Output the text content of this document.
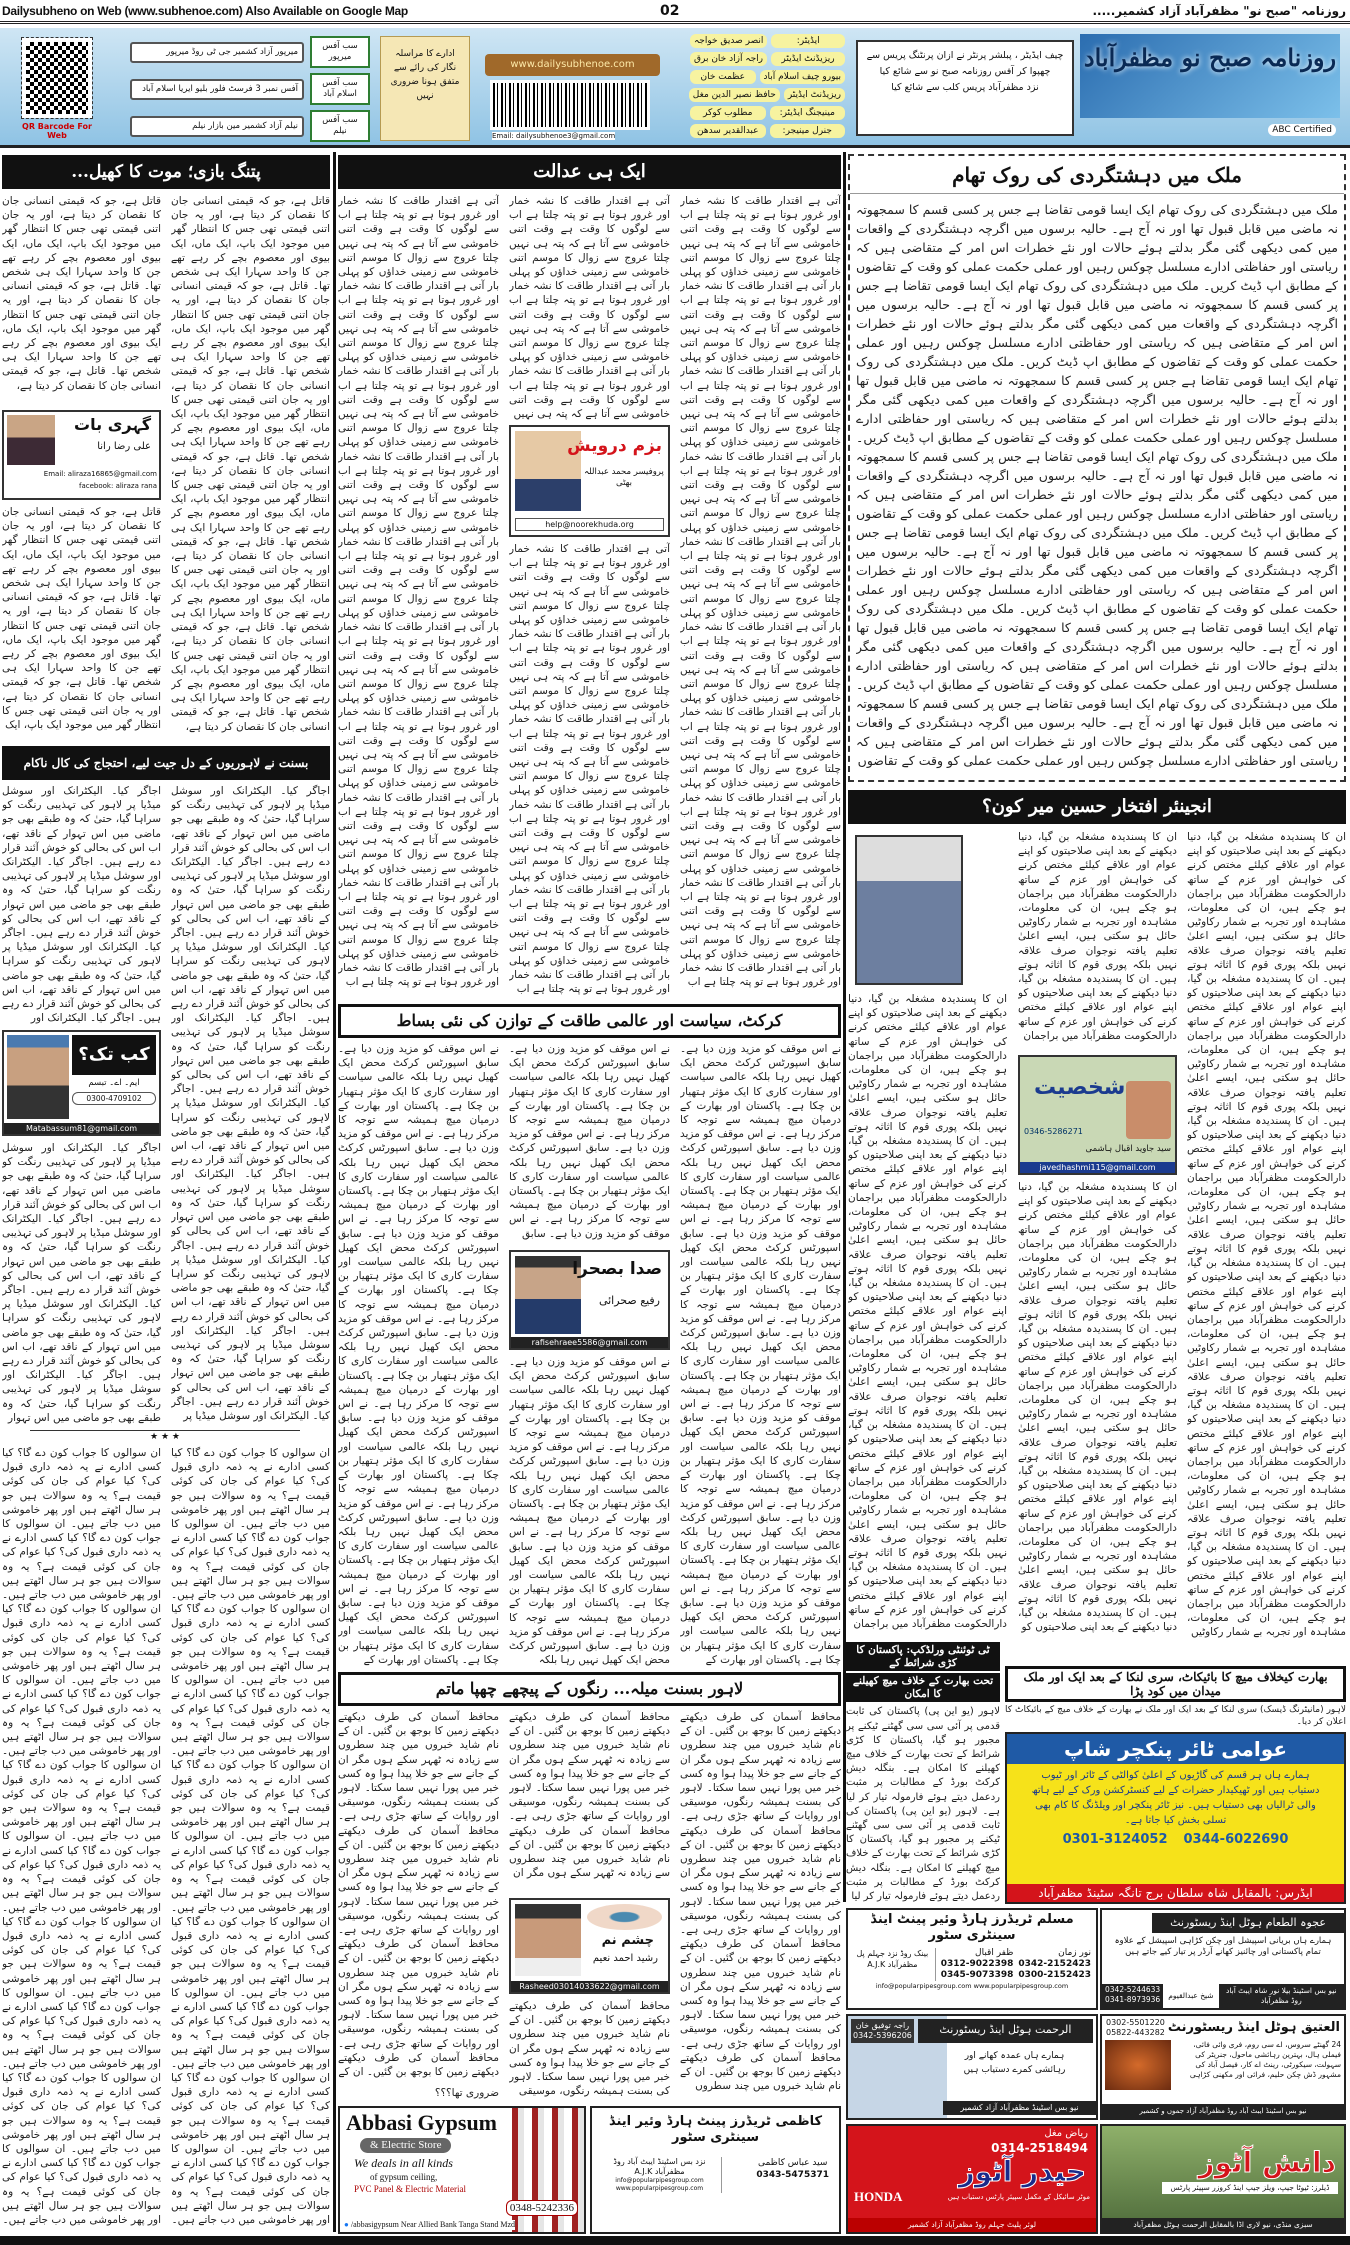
Dailysubheno on Web (www.subhenoe.com) Also Available on Google Map	02	روزنامہ "صبح نو" مظفرآباد آزاد کشمیر.....
روزنامہ صبح نو مظفرآباد
ABC Certified
چیف ایڈیٹر ، پبلشر پرنٹر نے ازان پرنٹنگ پریس سے
چھپوا کر آفس روزنامہ صبح نو سے شائع کیا
نزد مظفرآباد پریس کلب سے شائع کیا
ایڈیٹر:
انصر صدیق خواجہ
ریزیڈنٹ ایڈیٹر
راجہ آزاد خان برق
بیورو چیف اسلام آباد
عظمت خان
ریزیڈنٹ ایڈیٹر
حافظ نصیر الدین مغل
مینیجنگ ایڈیٹر:
مطلوب کوکر
جنرل مینیجر:
عبدالقدیر سدھن
www.dailysubhenoe.com
Email: dailysubhenoe3@gmail.com
ادارے کا مراسلہ نگار کی رائے سے متفق ہونا ضروری نہیں
سب آفس میرپور
میرپور آزاد کشمیر جی ٹی روڈ میرپور
سب آفس اسلام آباد
آفس نمبر 3 فرسٹ فلور بلیو ایریا اسلام آباد
سب آفس نیلم
نیلم آزاد کشمیر مین بازار نیلم
QR Barcode For Web
ملک میں دہشتگردی کی روک تھام
ملک میں دہشتگردی کی روک تھام ایک ایسا قومی تقاضا ہے جس پر کسی قسم کا سمجھوتہ نہ ماضی میں قابل قبول تھا اور نہ آج ہے۔ حالیہ برسوں میں اگرچہ دہشتگردی کے واقعات میں کمی دیکھی گئی مگر بدلتے ہوئے حالات اور نئے خطرات اس امر کے متقاضی ہیں کہ ریاستی اور حفاظتی ادارے مسلسل چوکس رہیں اور عملی حکمت عملی کو وقت کے تقاضوں کے مطابق اپ ڈیٹ کریں۔ ملک میں دہشتگردی کی روک تھام ایک ایسا قومی تقاضا ہے جس پر کسی قسم کا سمجھوتہ نہ ماضی میں قابل قبول تھا اور نہ آج ہے۔ حالیہ برسوں میں اگرچہ دہشتگردی کے واقعات میں کمی دیکھی گئی مگر بدلتے ہوئے حالات اور نئے خطرات اس امر کے متقاضی ہیں کہ ریاستی اور حفاظتی ادارے مسلسل چوکس رہیں اور عملی حکمت عملی کو وقت کے تقاضوں کے مطابق اپ ڈیٹ کریں۔ ملک میں دہشتگردی کی روک تھام ایک ایسا قومی تقاضا ہے جس پر کسی قسم کا سمجھوتہ نہ ماضی میں قابل قبول تھا اور نہ آج ہے۔ حالیہ برسوں میں اگرچہ دہشتگردی کے واقعات میں کمی دیکھی گئی مگر بدلتے ہوئے حالات اور نئے خطرات اس امر کے متقاضی ہیں کہ ریاستی اور حفاظتی ادارے مسلسل چوکس رہیں اور عملی حکمت عملی کو وقت کے تقاضوں کے مطابق اپ ڈیٹ کریں۔ ملک میں دہشتگردی کی روک تھام ایک ایسا قومی تقاضا ہے جس پر کسی قسم کا سمجھوتہ نہ ماضی میں قابل قبول تھا اور نہ آج ہے۔ حالیہ برسوں میں اگرچہ دہشتگردی کے واقعات میں کمی دیکھی گئی مگر بدلتے ہوئے حالات اور نئے خطرات اس امر کے متقاضی ہیں کہ ریاستی اور حفاظتی ادارے مسلسل چوکس رہیں اور عملی حکمت عملی کو وقت کے تقاضوں کے مطابق اپ ڈیٹ کریں۔ ملک میں دہشتگردی کی روک تھام ایک ایسا قومی تقاضا ہے جس پر کسی قسم کا سمجھوتہ نہ ماضی میں قابل قبول تھا اور نہ آج ہے۔ حالیہ برسوں میں اگرچہ دہشتگردی کے واقعات میں کمی دیکھی گئی مگر بدلتے ہوئے حالات اور نئے خطرات اس امر کے متقاضی ہیں کہ ریاستی اور حفاظتی ادارے مسلسل چوکس رہیں اور عملی حکمت عملی کو وقت کے تقاضوں کے مطابق اپ ڈیٹ کریں۔ ملک میں دہشتگردی کی روک تھام ایک ایسا قومی تقاضا ہے جس پر کسی قسم کا سمجھوتہ نہ ماضی میں قابل قبول تھا اور نہ آج ہے۔ حالیہ برسوں میں اگرچہ دہشتگردی کے واقعات میں کمی دیکھی گئی مگر بدلتے ہوئے حالات اور نئے خطرات اس امر کے متقاضی ہیں کہ ریاستی اور حفاظتی ادارے مسلسل چوکس رہیں اور عملی حکمت عملی کو وقت کے تقاضوں کے مطابق اپ ڈیٹ کریں۔ ملک میں دہشتگردی کی روک تھام ایک ایسا قومی تقاضا ہے جس پر کسی قسم کا سمجھوتہ نہ ماضی میں قابل قبول تھا اور نہ آج ہے۔ حالیہ برسوں میں اگرچہ دہشتگردی کے واقعات میں کمی دیکھی گئی مگر بدلتے ہوئے حالات اور نئے خطرات اس امر کے متقاضی ہیں کہ ریاستی اور حفاظتی ادارے مسلسل چوکس رہیں اور عملی حکمت عملی کو وقت کے تقاضوں
انجینئر افتخار حسین میر کون؟
ان کا پسندیدہ مشغلہ بن گیا، دنیا دیکھنے کے بعد اپنی صلاحیتوں کو اپنے عوام اور علاقے کیلئے مختص کرنے کی خواہش اور عزم کے ساتھ دارالحکومت مظفرآباد میں براجمان ہو چکے ہیں، ان کی معلومات، مشاہدہ اور تجربہ بے شمار رکاوٹیں حائل ہو سکتی ہیں، ایسے اعلیٰ تعلیم یافتہ نوجوان صرف علاقہ نہیں بلکہ پوری قوم کا اثاثہ ہوتے ہیں۔ ان کا پسندیدہ مشغلہ بن گیا، دنیا دیکھنے کے بعد اپنی صلاحیتوں کو اپنے عوام اور علاقے کیلئے مختص کرنے کی خواہش اور عزم کے ساتھ دارالحکومت مظفرآباد میں براجمان ہو چکے ہیں، ان کی معلومات، مشاہدہ اور تجربہ بے شمار رکاوٹیں حائل ہو سکتی ہیں، ایسے اعلیٰ تعلیم یافتہ نوجوان صرف علاقہ نہیں بلکہ پوری قوم کا اثاثہ ہوتے ہیں۔ ان کا پسندیدہ مشغلہ بن گیا، دنیا دیکھنے کے بعد اپنی صلاحیتوں کو اپنے عوام اور علاقے کیلئے مختص کرنے کی خواہش اور عزم کے ساتھ دارالحکومت مظفرآباد میں براجمان ہو چکے ہیں، ان کی معلومات، مشاہدہ اور تجربہ بے شمار رکاوٹیں حائل ہو سکتی ہیں، ایسے اعلیٰ تعلیم یافتہ نوجوان صرف علاقہ نہیں بلکہ پوری قوم کا اثاثہ ہوتے ہیں۔ ان کا پسندیدہ مشغلہ بن گیا، دنیا دیکھنے کے بعد اپنی صلاحیتوں کو اپنے عوام اور علاقے کیلئے مختص کرنے کی خواہش اور عزم کے ساتھ دارالحکومت مظفرآباد میں براجمان ہو چکے ہیں، ان کی معلومات، مشاہدہ اور تجربہ بے شمار رکاوٹیں حائل ہو سکتی ہیں، ایسے اعلیٰ تعلیم یافتہ نوجوان صرف علاقہ نہیں بلکہ پوری قوم کا اثاثہ ہوتے ہیں۔ ان کا پسندیدہ مشغلہ بن گیا، دنیا دیکھنے کے بعد اپنی صلاحیتوں کو اپنے عوام اور علاقے کیلئے مختص کرنے کی خواہش اور عزم کے ساتھ دارالحکومت مظفرآباد میں براجمان ہو چکے ہیں، ان کی معلومات، مشاہدہ اور تجربہ بے شمار رکاوٹیں حائل ہو سکتی ہیں، ایسے اعلیٰ تعلیم یافتہ نوجوان صرف علاقہ نہیں بلکہ پوری قوم کا اثاثہ ہوتے ہیں۔ ان کا پسندیدہ مشغلہ بن گیا، دنیا دیکھنے کے بعد اپنی صلاحیتوں کو اپنے عوام اور علاقے کیلئے مختص کرنے کی خواہش اور عزم کے ساتھ دارالحکومت مظفرآباد میں براجمان ہو چکے ہیں، ان کی معلومات، مشاہدہ اور تجربہ بے شمار رکاوٹیں
ان کا پسندیدہ مشغلہ بن گیا، دنیا دیکھنے کے بعد اپنی صلاحیتوں کو اپنے عوام اور علاقے کیلئے مختص کرنے کی خواہش اور عزم کے ساتھ دارالحکومت مظفرآباد میں براجمان ہو چکے ہیں، ان کی معلومات، مشاہدہ اور تجربہ بے شمار رکاوٹیں حائل ہو سکتی ہیں، ایسے اعلیٰ تعلیم یافتہ نوجوان صرف علاقہ نہیں بلکہ پوری قوم کا اثاثہ ہوتے ہیں۔ ان کا پسندیدہ مشغلہ بن گیا، دنیا دیکھنے کے بعد اپنی صلاحیتوں کو اپنے عوام اور علاقے کیلئے مختص کرنے کی خواہش اور عزم کے ساتھ دارالحکومت مظفرآباد میں براجمان
ان کا پسندیدہ مشغلہ بن گیا، دنیا دیکھنے کے بعد اپنی صلاحیتوں کو اپنے عوام اور علاقے کیلئے مختص کرنے کی خواہش اور عزم کے ساتھ دارالحکومت مظفرآباد میں براجمان ہو چکے ہیں، ان کی معلومات، مشاہدہ اور تجربہ بے شمار رکاوٹیں حائل ہو سکتی ہیں، ایسے اعلیٰ تعلیم یافتہ نوجوان صرف علاقہ نہیں بلکہ پوری قوم کا اثاثہ ہوتے ہیں۔ ان کا پسندیدہ مشغلہ بن گیا، دنیا دیکھنے کے بعد اپنی صلاحیتوں کو اپنے عوام اور علاقے کیلئے مختص کرنے کی خواہش اور عزم کے ساتھ دارالحکومت مظفرآباد میں براجمان ہو چکے ہیں، ان کی معلومات، مشاہدہ اور تجربہ بے شمار رکاوٹیں حائل ہو سکتی ہیں، ایسے اعلیٰ تعلیم یافتہ نوجوان صرف علاقہ نہیں بلکہ پوری قوم کا اثاثہ ہوتے ہیں۔ ان کا پسندیدہ مشغلہ بن گیا، دنیا دیکھنے کے بعد اپنی صلاحیتوں کو اپنے عوام اور علاقے کیلئے مختص کرنے کی خواہش اور عزم کے ساتھ دارالحکومت مظفرآباد میں براجمان ہو چکے ہیں، ان کی معلومات، مشاہدہ اور تجربہ بے شمار رکاوٹیں حائل ہو سکتی ہیں، ایسے اعلیٰ تعلیم یافتہ نوجوان صرف علاقہ نہیں بلکہ پوری قوم کا اثاثہ ہوتے ہیں۔ ان کا پسندیدہ مشغلہ بن گیا، دنیا دیکھنے کے بعد اپنی صلاحیتوں کو
ان کا پسندیدہ مشغلہ بن گیا، دنیا دیکھنے کے بعد اپنی صلاحیتوں کو اپنے عوام اور علاقے کیلئے مختص کرنے کی خواہش اور عزم کے ساتھ دارالحکومت مظفرآباد میں براجمان ہو چکے ہیں، ان کی معلومات، مشاہدہ اور تجربہ بے شمار رکاوٹیں حائل ہو سکتی ہیں، ایسے اعلیٰ تعلیم یافتہ نوجوان صرف علاقہ نہیں بلکہ پوری قوم کا اثاثہ ہوتے ہیں۔ ان کا پسندیدہ مشغلہ بن گیا، دنیا دیکھنے کے بعد اپنی صلاحیتوں کو اپنے عوام اور علاقے کیلئے مختص کرنے کی خواہش اور عزم کے ساتھ دارالحکومت مظفرآباد میں براجمان ہو چکے ہیں، ان کی معلومات، مشاہدہ اور تجربہ بے شمار رکاوٹیں حائل ہو سکتی ہیں، ایسے اعلیٰ تعلیم یافتہ نوجوان صرف علاقہ نہیں بلکہ پوری قوم کا اثاثہ ہوتے ہیں۔ ان کا پسندیدہ مشغلہ بن گیا، دنیا دیکھنے کے بعد اپنی صلاحیتوں کو اپنے عوام اور علاقے کیلئے مختص کرنے کی خواہش اور عزم کے ساتھ دارالحکومت مظفرآباد میں براجمان ہو چکے ہیں، ان کی معلومات، مشاہدہ اور تجربہ بے شمار رکاوٹیں حائل ہو سکتی ہیں، ایسے اعلیٰ تعلیم یافتہ نوجوان صرف علاقہ نہیں بلکہ پوری قوم کا اثاثہ ہوتے ہیں۔ ان کا پسندیدہ مشغلہ بن گیا، دنیا دیکھنے کے بعد اپنی صلاحیتوں کو اپنے عوام اور علاقے کیلئے مختص کرنے کی خواہش اور عزم کے ساتھ دارالحکومت مظفرآباد میں براجمان ہو چکے ہیں، ان کی معلومات، مشاہدہ اور تجربہ بے شمار رکاوٹیں حائل ہو سکتی ہیں، ایسے اعلیٰ تعلیم یافتہ نوجوان صرف علاقہ نہیں بلکہ پوری قوم کا اثاثہ ہوتے ہیں۔ ان کا پسندیدہ مشغلہ بن گیا، دنیا دیکھنے کے بعد اپنی صلاحیتوں کو اپنے عوام اور علاقے کیلئے مختص کرنے کی خواہش اور عزم کے ساتھ دارالحکومت مظفرآباد میں براجمان
شخصیت
سید جاوید اقبال ہاشمی
0346-5286271
javedhashmi115@gmail.com
ٹی ٹوئنٹی ورلڈکپ: پاکستان کا کڑی شرائط کے
تحت بھارت کے خلاف میچ کھیلنے کا امکان
لاہور (یو این پی) پاکستان کی ثابت قدمی پر آئی سی سی گھٹنے ٹیکنے پر مجبور ہو گیا، پاکستان کا کڑی شرائط کے تحت بھارت کے خلاف میچ کھیلنے کا امکان ہے۔ بنگلہ دیش کرکٹ بورڈ کے مطالبات پر مثبت ردعمل دیتے ہوئے فارمولہ تیار کر لیا ہے۔ لاہور (یو این پی) پاکستان کی ثابت قدمی پر آئی سی سی گھٹنے ٹیکنے پر مجبور ہو گیا، پاکستان کا کڑی شرائط کے تحت بھارت کے خلاف میچ کھیلنے کا امکان ہے۔ بنگلہ دیش کرکٹ بورڈ کے مطالبات پر مثبت ردعمل دیتے ہوئے فارمولہ تیار کر لیا
بھارت کیخلاف میچ کا بائیکاٹ، سری لنکا کے بعد ایک اور ملک میدان میں کود پڑا
لاہور (مانیٹرنگ ڈیسک) سری لنکا کے بعد ایک اور ملک نے بھارت کے خلاف میچ کے بائیکاٹ کا اعلان کر دیا۔
عوامی ٹائر پنکچر شاپ
ہمارے ہاں ہر قسم کی گاڑیوں کے اعلیٰ کوالٹی کے ٹائر اور ٹیوب دستیاب ہیں اور ٹھیکیدار حضرات کے لیے کنسٹرکشن ورک کے لیے ہاتھ والی ٹرالیاں بھی دستیاب ہیں۔ نیز ٹائر پنکچر اور ویلڈنگ کا کام بھی تسلی بخش کیا جاتا ہے۔
0301-3124052 0344-6022690
ایڈرس: بالمقابل شاہ سلطان برج تانگہ سٹینڈ مظفرآباد
مسلم ٹریڈرز ہارڈ وئیر پینٹ اینڈ سینٹری سٹور
نور زمان
0342-2152423
0300-2152423
ظفر اقبال
0312-9022398
0345-9073398
بینک روڈ نزد جہلم پل مظفرآباد A.J.K
info@popularpipesgroup.com www.popularpipesgroup.com
عجوہ الطعام ہوٹل اینڈ ریسٹورنٹ
ہمارے ہاں بریانی اسپیشل اور چکن کڑاہی اسپیشل کے علاوہ تمام پاکستانی اور چائنیز کھانے آرڈر پر تیار کیے جاتے ہیں
نیو بس اسٹینڈ بیلا نور شاہ ایبٹ آباد روڈ مظفرآباد
شیخ عبدالقیوم
0342-5244633
0341-8973936
الرحمت ہوٹل اینڈ ریسٹورنٹ
راجہ توفیق خان
0342-5396206
ہمارے ہاں عمدہ کھانے اور رہائشی کمرے دستیاب ہیں
نیو بس اسٹینڈ مظفرآباد آزاد کشمیر
العتیق ہوٹل اینڈ ریسٹورنٹ
0302-5501220
05822-443282
24 گھنٹے سروس، اے سی روم، فری وائی فائی، فیملی ہال، بہترین رہائشی ماحول، جنریٹر کی سہولت، سیکورٹی، رینٹ اے کار، فیصل آباد کی مشہور ڈش چکن حلیم، فرائی اور مکھنی کڑاہی
نیو بس اسٹینڈ ایبٹ آباد روڈ مظفرآباد آزاد جموں و کشمیر
ریاض مغل
0314-2518494
حیدر آٹوز
موٹر سائیکل کے مکمل سپیئر پارٹس دستیاب ہیں
HONDA
لوئر پلیٹ جہلم روڈ مظفرآباد آزاد کشمیر
دانش آٹوز
ڈیلرز: ٹیوٹا جیپ، ویلز جیپ اینڈ کروزر سپیئر پارٹس
سبزی منڈی، نیو لاری اڈا بالمقابل الرحمت ہوٹل مظفرآباد
ایک ہی عدالت
آتی ہے اقتدار طاقت کا نشہ خمار اور غرور ہوتا ہے تو پتہ چلتا ہے اب سے لوگوں کا وقت ہے وقت اتنی خاموشی سے آتا ہے کہ پتہ ہی نہیں چلتا عروج سے زوال کا موسم اتنی خاموشی سے زمینی خداؤں کو پہلی بار آتی ہے اقتدار طاقت کا نشہ خمار اور غرور ہوتا ہے تو پتہ چلتا ہے اب سے لوگوں کا وقت ہے وقت اتنی خاموشی سے آتا ہے کہ پتہ ہی نہیں چلتا عروج سے زوال کا موسم اتنی خاموشی سے زمینی خداؤں کو پہلی بار آتی ہے اقتدار طاقت کا نشہ خمار اور غرور ہوتا ہے تو پتہ چلتا ہے اب سے لوگوں کا وقت ہے وقت اتنی خاموشی سے آتا ہے کہ پتہ ہی نہیں چلتا عروج سے زوال کا موسم اتنی خاموشی سے زمینی خداؤں کو پہلی بار آتی ہے اقتدار طاقت کا نشہ خمار اور غرور ہوتا ہے تو پتہ چلتا ہے اب سے لوگوں کا وقت ہے وقت اتنی خاموشی سے آتا ہے کہ پتہ ہی نہیں چلتا عروج سے زوال کا موسم اتنی خاموشی سے زمینی خداؤں کو پہلی بار آتی ہے اقتدار طاقت کا نشہ خمار اور غرور ہوتا ہے تو پتہ چلتا ہے اب سے لوگوں کا وقت ہے وقت اتنی خاموشی سے آتا ہے کہ پتہ ہی نہیں چلتا عروج سے زوال کا موسم اتنی خاموشی سے زمینی خداؤں کو پہلی بار آتی ہے اقتدار طاقت کا نشہ خمار اور غرور ہوتا ہے تو پتہ چلتا ہے اب سے لوگوں کا وقت ہے وقت اتنی خاموشی سے آتا ہے کہ پتہ ہی نہیں چلتا عروج سے زوال کا موسم اتنی خاموشی سے زمینی خداؤں کو پہلی بار آتی ہے اقتدار طاقت کا نشہ خمار اور غرور ہوتا ہے تو پتہ چلتا ہے اب سے لوگوں کا وقت ہے وقت اتنی خاموشی سے آتا ہے کہ پتہ ہی نہیں چلتا عروج سے زوال کا موسم اتنی خاموشی سے زمینی خداؤں کو پہلی بار آتی ہے اقتدار طاقت کا نشہ خمار اور غرور ہوتا ہے تو پتہ چلتا ہے اب سے لوگوں کا وقت ہے وقت اتنی خاموشی سے آتا ہے کہ پتہ ہی نہیں چلتا عروج سے زوال کا موسم اتنی خاموشی سے زمینی خداؤں کو پہلی بار آتی ہے اقتدار طاقت کا نشہ خمار اور غرور ہوتا ہے تو پتہ چلتا ہے اب سے لوگوں کا وقت ہے وقت اتنی خاموشی سے آتا ہے کہ پتہ ہی نہیں چلتا عروج سے زوال کا موسم اتنی خاموشی سے زمینی خداؤں کو پہلی بار آتی ہے اقتدار طاقت کا نشہ خمار اور غرور ہوتا ہے تو پتہ چلتا ہے اب
آتی ہے اقتدار طاقت کا نشہ خمار اور غرور ہوتا ہے تو پتہ چلتا ہے اب سے لوگوں کا وقت ہے وقت اتنی خاموشی سے آتا ہے کہ پتہ ہی نہیں چلتا عروج سے زوال کا موسم اتنی خاموشی سے زمینی خداؤں کو پہلی بار آتی ہے اقتدار طاقت کا نشہ خمار اور غرور ہوتا ہے تو پتہ چلتا ہے اب سے لوگوں کا وقت ہے وقت اتنی خاموشی سے آتا ہے کہ پتہ ہی نہیں چلتا عروج سے زوال کا موسم اتنی خاموشی سے زمینی خداؤں کو پہلی بار آتی ہے اقتدار طاقت کا نشہ خمار اور غرور ہوتا ہے تو پتہ چلتا ہے اب سے لوگوں کا وقت ہے وقت اتنی خاموشی سے آتا ہے کہ پتہ ہی نہیں
آتی ہے اقتدار طاقت کا نشہ خمار اور غرور ہوتا ہے تو پتہ چلتا ہے اب سے لوگوں کا وقت ہے وقت اتنی خاموشی سے آتا ہے کہ پتہ ہی نہیں چلتا عروج سے زوال کا موسم اتنی خاموشی سے زمینی خداؤں کو پہلی بار آتی ہے اقتدار طاقت کا نشہ خمار اور غرور ہوتا ہے تو پتہ چلتا ہے اب سے لوگوں کا وقت ہے وقت اتنی خاموشی سے آتا ہے کہ پتہ ہی نہیں چلتا عروج سے زوال کا موسم اتنی خاموشی سے زمینی خداؤں کو پہلی بار آتی ہے اقتدار طاقت کا نشہ خمار اور غرور ہوتا ہے تو پتہ چلتا ہے اب سے لوگوں کا وقت ہے وقت اتنی خاموشی سے آتا ہے کہ پتہ ہی نہیں چلتا عروج سے زوال کا موسم اتنی خاموشی سے زمینی خداؤں کو پہلی بار آتی ہے اقتدار طاقت کا نشہ خمار اور غرور ہوتا ہے تو پتہ چلتا ہے اب سے لوگوں کا وقت ہے وقت اتنی خاموشی سے آتا ہے کہ پتہ ہی نہیں چلتا عروج سے زوال کا موسم اتنی خاموشی سے زمینی خداؤں کو پہلی بار آتی ہے اقتدار طاقت کا نشہ خمار اور غرور ہوتا ہے تو پتہ چلتا ہے اب سے لوگوں کا وقت ہے وقت اتنی خاموشی سے آتا ہے کہ پتہ ہی نہیں چلتا عروج سے زوال کا موسم اتنی خاموشی سے زمینی خداؤں کو پہلی بار آتی ہے اقتدار طاقت کا نشہ خمار اور غرور ہوتا ہے تو پتہ چلتا ہے اب
آتی ہے اقتدار طاقت کا نشہ خمار اور غرور ہوتا ہے تو پتہ چلتا ہے اب سے لوگوں کا وقت ہے وقت اتنی خاموشی سے آتا ہے کہ پتہ ہی نہیں چلتا عروج سے زوال کا موسم اتنی خاموشی سے زمینی خداؤں کو پہلی بار آتی ہے اقتدار طاقت کا نشہ خمار اور غرور ہوتا ہے تو پتہ چلتا ہے اب سے لوگوں کا وقت ہے وقت اتنی خاموشی سے آتا ہے کہ پتہ ہی نہیں چلتا عروج سے زوال کا موسم اتنی خاموشی سے زمینی خداؤں کو پہلی بار آتی ہے اقتدار طاقت کا نشہ خمار اور غرور ہوتا ہے تو پتہ چلتا ہے اب سے لوگوں کا وقت ہے وقت اتنی خاموشی سے آتا ہے کہ پتہ ہی نہیں چلتا عروج سے زوال کا موسم اتنی خاموشی سے زمینی خداؤں کو پہلی بار آتی ہے اقتدار طاقت کا نشہ خمار اور غرور ہوتا ہے تو پتہ چلتا ہے اب سے لوگوں کا وقت ہے وقت اتنی خاموشی سے آتا ہے کہ پتہ ہی نہیں چلتا عروج سے زوال کا موسم اتنی خاموشی سے زمینی خداؤں کو پہلی بار آتی ہے اقتدار طاقت کا نشہ خمار اور غرور ہوتا ہے تو پتہ چلتا ہے اب سے لوگوں کا وقت ہے وقت اتنی خاموشی سے آتا ہے کہ پتہ ہی نہیں چلتا عروج سے زوال کا موسم اتنی خاموشی سے زمینی خداؤں کو پہلی بار آتی ہے اقتدار طاقت کا نشہ خمار اور غرور ہوتا ہے تو پتہ چلتا ہے اب سے لوگوں کا وقت ہے وقت اتنی خاموشی سے آتا ہے کہ پتہ ہی نہیں چلتا عروج سے زوال کا موسم اتنی خاموشی سے زمینی خداؤں کو پہلی بار آتی ہے اقتدار طاقت کا نشہ خمار اور غرور ہوتا ہے تو پتہ چلتا ہے اب سے لوگوں کا وقت ہے وقت اتنی خاموشی سے آتا ہے کہ پتہ ہی نہیں چلتا عروج سے زوال کا موسم اتنی خاموشی سے زمینی خداؤں کو پہلی بار آتی ہے اقتدار طاقت کا نشہ خمار اور غرور ہوتا ہے تو پتہ چلتا ہے اب سے لوگوں کا وقت ہے وقت اتنی خاموشی سے آتا ہے کہ پتہ ہی نہیں چلتا عروج سے زوال کا موسم اتنی خاموشی سے زمینی خداؤں کو پہلی بار آتی ہے اقتدار طاقت کا نشہ خمار اور غرور ہوتا ہے تو پتہ چلتا ہے اب سے لوگوں کا وقت ہے وقت اتنی خاموشی سے آتا ہے کہ پتہ ہی نہیں چلتا عروج سے زوال کا موسم اتنی خاموشی سے زمینی خداؤں کو پہلی بار آتی ہے اقتدار طاقت کا نشہ خمار اور غرور ہوتا ہے تو پتہ چلتا ہے اب
بزم درویش
پروفیسر محمد عبداللہ بھٹی
help@noorekhuda.org
کرکٹ، سیاست اور عالمی طاقت کے توازن کی نئی بساط
نے اس موقف کو مزید وزن دیا ہے۔ سابق اسپورٹس کرکٹ محض ایک کھیل نہیں رہا بلکہ عالمی سیاست اور سفارت کاری کا ایک مؤثر ہتھیار بن چکا ہے۔ پاکستان اور بھارت کے درمیان میچ ہمیشہ سے توجہ کا مرکز رہا ہے۔ نے اس موقف کو مزید وزن دیا ہے۔ سابق اسپورٹس کرکٹ محض ایک کھیل نہیں رہا بلکہ عالمی سیاست اور سفارت کاری کا ایک مؤثر ہتھیار بن چکا ہے۔ پاکستان اور بھارت کے درمیان میچ ہمیشہ سے توجہ کا مرکز رہا ہے۔ نے اس موقف کو مزید وزن دیا ہے۔ سابق اسپورٹس کرکٹ محض ایک کھیل نہیں رہا بلکہ عالمی سیاست اور سفارت کاری کا ایک مؤثر ہتھیار بن چکا ہے۔ پاکستان اور بھارت کے درمیان میچ ہمیشہ سے توجہ کا مرکز رہا ہے۔ نے اس موقف کو مزید وزن دیا ہے۔ سابق اسپورٹس کرکٹ محض ایک کھیل نہیں رہا بلکہ عالمی سیاست اور سفارت کاری کا ایک مؤثر ہتھیار بن چکا ہے۔ پاکستان اور بھارت کے درمیان میچ ہمیشہ سے توجہ کا مرکز رہا ہے۔ نے اس موقف کو مزید وزن دیا ہے۔ سابق اسپورٹس کرکٹ محض ایک کھیل نہیں رہا بلکہ عالمی سیاست اور سفارت کاری کا ایک مؤثر ہتھیار بن چکا ہے۔ پاکستان اور بھارت کے درمیان میچ ہمیشہ سے توجہ کا مرکز رہا ہے۔ نے اس موقف کو مزید وزن دیا ہے۔ سابق اسپورٹس کرکٹ محض ایک کھیل نہیں رہا بلکہ عالمی سیاست اور سفارت کاری کا ایک مؤثر ہتھیار بن چکا ہے۔ پاکستان اور بھارت کے درمیان میچ ہمیشہ سے توجہ کا مرکز رہا ہے۔ نے اس موقف کو مزید وزن دیا ہے۔ سابق اسپورٹس کرکٹ محض ایک کھیل نہیں رہا بلکہ عالمی سیاست اور سفارت کاری کا ایک مؤثر ہتھیار بن چکا ہے۔ پاکستان اور بھارت کے
نے اس موقف کو مزید وزن دیا ہے۔ سابق اسپورٹس کرکٹ محض ایک کھیل نہیں رہا بلکہ عالمی سیاست اور سفارت کاری کا ایک مؤثر ہتھیار بن چکا ہے۔ پاکستان اور بھارت کے درمیان میچ ہمیشہ سے توجہ کا مرکز رہا ہے۔ نے اس موقف کو مزید وزن دیا ہے۔ سابق اسپورٹس کرکٹ محض ایک کھیل نہیں رہا بلکہ عالمی سیاست اور سفارت کاری کا ایک مؤثر ہتھیار بن چکا ہے۔ پاکستان اور بھارت کے درمیان میچ ہمیشہ سے توجہ کا مرکز رہا ہے۔ نے اس موقف کو مزید وزن دیا ہے۔ سابق
نے اس موقف کو مزید وزن دیا ہے۔ سابق اسپورٹس کرکٹ محض ایک کھیل نہیں رہا بلکہ عالمی سیاست اور سفارت کاری کا ایک مؤثر ہتھیار بن چکا ہے۔ پاکستان اور بھارت کے درمیان میچ ہمیشہ سے توجہ کا مرکز رہا ہے۔ نے اس موقف کو مزید وزن دیا ہے۔ سابق اسپورٹس کرکٹ محض ایک کھیل نہیں رہا بلکہ عالمی سیاست اور سفارت کاری کا ایک مؤثر ہتھیار بن چکا ہے۔ پاکستان اور بھارت کے درمیان میچ ہمیشہ سے توجہ کا مرکز رہا ہے۔ نے اس موقف کو مزید وزن دیا ہے۔ سابق اسپورٹس کرکٹ محض ایک کھیل نہیں رہا بلکہ عالمی سیاست اور سفارت کاری کا ایک مؤثر ہتھیار بن چکا ہے۔ پاکستان اور بھارت کے درمیان میچ ہمیشہ سے توجہ کا مرکز رہا ہے۔ نے اس موقف کو مزید وزن دیا ہے۔ سابق اسپورٹس کرکٹ محض ایک کھیل نہیں رہا بلکہ
نے اس موقف کو مزید وزن دیا ہے۔ سابق اسپورٹس کرکٹ محض ایک کھیل نہیں رہا بلکہ عالمی سیاست اور سفارت کاری کا ایک مؤثر ہتھیار بن چکا ہے۔ پاکستان اور بھارت کے درمیان میچ ہمیشہ سے توجہ کا مرکز رہا ہے۔ نے اس موقف کو مزید وزن دیا ہے۔ سابق اسپورٹس کرکٹ محض ایک کھیل نہیں رہا بلکہ عالمی سیاست اور سفارت کاری کا ایک مؤثر ہتھیار بن چکا ہے۔ پاکستان اور بھارت کے درمیان میچ ہمیشہ سے توجہ کا مرکز رہا ہے۔ نے اس موقف کو مزید وزن دیا ہے۔ سابق اسپورٹس کرکٹ محض ایک کھیل نہیں رہا بلکہ عالمی سیاست اور سفارت کاری کا ایک مؤثر ہتھیار بن چکا ہے۔ پاکستان اور بھارت کے درمیان میچ ہمیشہ سے توجہ کا مرکز رہا ہے۔ نے اس موقف کو مزید وزن دیا ہے۔ سابق اسپورٹس کرکٹ محض ایک کھیل نہیں رہا بلکہ عالمی سیاست اور سفارت کاری کا ایک مؤثر ہتھیار بن چکا ہے۔ پاکستان اور بھارت کے درمیان میچ ہمیشہ سے توجہ کا مرکز رہا ہے۔ نے اس موقف کو مزید وزن دیا ہے۔ سابق اسپورٹس کرکٹ محض ایک کھیل نہیں رہا بلکہ عالمی سیاست اور سفارت کاری کا ایک مؤثر ہتھیار بن چکا ہے۔ پاکستان اور بھارت کے درمیان میچ ہمیشہ سے توجہ کا مرکز رہا ہے۔ نے اس موقف کو مزید وزن دیا ہے۔ سابق اسپورٹس کرکٹ محض ایک کھیل نہیں رہا بلکہ عالمی سیاست اور سفارت کاری کا ایک مؤثر ہتھیار بن چکا ہے۔ پاکستان اور بھارت کے درمیان میچ ہمیشہ سے توجہ کا مرکز رہا ہے۔ نے اس موقف کو مزید وزن دیا ہے۔ سابق اسپورٹس کرکٹ محض ایک کھیل نہیں رہا بلکہ عالمی سیاست اور سفارت کاری کا ایک مؤثر ہتھیار بن چکا ہے۔ پاکستان اور بھارت کے
صدا بصحرا
رفیع صحرائی
rafisehraee5586@gmail.com
لاہور بسنت میلہ... رنگوں کے پیچھے چھپا ماتم
محافظ آسمان کی طرف دیکھتے دیکھتے زمین کا بوجھ بن گئیں۔ ان کے نام شاید خبروں میں چند سطروں سے زیادہ نہ ٹھہر سکے ہوں مگر ان کے جانے سے جو خلا پیدا ہوا وہ کسی خبر میں پورا نہیں سما سکتا۔ لاہور کی بسنت ہمیشہ رنگوں، موسیقی اور روایات کے ساتھ جڑی رہی ہے۔ محافظ آسمان کی طرف دیکھتے دیکھتے زمین کا بوجھ بن گئیں۔ ان کے نام شاید خبروں میں چند سطروں سے زیادہ نہ ٹھہر سکے ہوں مگر ان کے جانے سے جو خلا پیدا ہوا وہ کسی خبر میں پورا نہیں سما سکتا۔ لاہور کی بسنت ہمیشہ رنگوں، موسیقی اور روایات کے ساتھ جڑی رہی ہے۔ محافظ آسمان کی طرف دیکھتے دیکھتے زمین کا بوجھ بن گئیں۔ ان کے نام شاید خبروں میں چند سطروں سے زیادہ نہ ٹھہر سکے ہوں مگر ان کے جانے سے جو خلا پیدا ہوا وہ کسی خبر میں پورا نہیں سما سکتا۔ لاہور کی بسنت ہمیشہ رنگوں، موسیقی اور روایات کے ساتھ جڑی رہی ہے۔ محافظ آسمان کی طرف دیکھتے دیکھتے زمین کا بوجھ بن گئیں۔ ان کے نام شاید خبروں میں چند سطروں
محافظ آسمان کی طرف دیکھتے دیکھتے زمین کا بوجھ بن گئیں۔ ان کے نام شاید خبروں میں چند سطروں سے زیادہ نہ ٹھہر سکے ہوں مگر ان کے جانے سے جو خلا پیدا ہوا وہ کسی خبر میں پورا نہیں سما سکتا۔ لاہور کی بسنت ہمیشہ رنگوں، موسیقی اور روایات کے ساتھ جڑی رہی ہے۔ محافظ آسمان کی طرف دیکھتے دیکھتے زمین کا بوجھ بن گئیں۔ ان کے نام شاید خبروں میں چند سطروں سے زیادہ نہ ٹھہر سکے ہوں مگر ان
محافظ آسمان کی طرف دیکھتے دیکھتے زمین کا بوجھ بن گئیں۔ ان کے نام شاید خبروں میں چند سطروں سے زیادہ نہ ٹھہر سکے ہوں مگر ان کے جانے سے جو خلا پیدا ہوا وہ کسی خبر میں پورا نہیں سما سکتا۔ لاہور کی بسنت ہمیشہ رنگوں، موسیقی
محافظ آسمان کی طرف دیکھتے دیکھتے زمین کا بوجھ بن گئیں۔ ان کے نام شاید خبروں میں چند سطروں سے زیادہ نہ ٹھہر سکے ہوں مگر ان کے جانے سے جو خلا پیدا ہوا وہ کسی خبر میں پورا نہیں سما سکتا۔ لاہور کی بسنت ہمیشہ رنگوں، موسیقی اور روایات کے ساتھ جڑی رہی ہے۔ محافظ آسمان کی طرف دیکھتے دیکھتے زمین کا بوجھ بن گئیں۔ ان کے نام شاید خبروں میں چند سطروں سے زیادہ نہ ٹھہر سکے ہوں مگر ان کے جانے سے جو خلا پیدا ہوا وہ کسی خبر میں پورا نہیں سما سکتا۔ لاہور کی بسنت ہمیشہ رنگوں، موسیقی اور روایات کے ساتھ جڑی رہی ہے۔ محافظ آسمان کی طرف دیکھتے دیکھتے زمین کا بوجھ بن گئیں۔ ان کے نام شاید خبروں میں چند سطروں سے زیادہ نہ ٹھہر سکے ہوں مگر ان کے جانے سے جو خلا پیدا ہوا وہ کسی خبر میں پورا نہیں سما سکتا۔ لاہور کی بسنت ہمیشہ رنگوں، موسیقی اور روایات کے ساتھ جڑی رہی ہے۔ محافظ آسمان کی طرف دیکھتے دیکھتے زمین کا بوجھ بن گئیں۔ ان کے
ضروری تھا؟؟؟
چشم نم
رشید احمد نعیم
Rasheed03014033622@gmail.com
Abbasi Gypsum
& Electric Store
We deals in all kinds
of gypsum ceiling,
PVC Panel & Electric Material
0348-5242336
● /abbasigypsum Near Allied Bank Tanga Stand Mzd
کاظمی ٹریڈرز پینٹ ہارڈ وئیر اینڈ سینٹری سٹور
سید عباس کاظمی
0343-5475371
نزد بس اسٹینڈ ایبٹ آباد روڈ مظفرآباد A.J.K
info@popularpipesgroup.com www.popularpipesgroup.com
پتنگ بازی؛ موت کا کھیل...
قاتل ہے، جو کہ قیمتی انسانی جان کا نقصان کر دیتا ہے، اور یہ جان اتنی قیمتی تھی جس کا انتظار گھر میں موجود ایک باپ، ایک ماں، ایک بیوی اور معصوم بچے کر رہے تھے جن کا واحد سہارا ایک ہی شخص تھا۔ قاتل ہے، جو کہ قیمتی انسانی جان کا نقصان کر دیتا ہے، اور یہ جان اتنی قیمتی تھی جس کا انتظار گھر میں موجود ایک باپ، ایک ماں، ایک بیوی اور معصوم بچے کر رہے تھے جن کا واحد سہارا ایک ہی شخص تھا۔ قاتل ہے، جو کہ قیمتی انسانی جان کا نقصان کر دیتا ہے، اور یہ جان اتنی قیمتی تھی جس کا انتظار گھر میں موجود ایک باپ، ایک ماں، ایک بیوی اور معصوم بچے کر رہے تھے جن کا واحد سہارا ایک ہی شخص تھا۔ قاتل ہے، جو کہ قیمتی انسانی جان کا نقصان کر دیتا ہے، اور یہ جان اتنی قیمتی تھی جس کا انتظار گھر میں موجود ایک باپ، ایک ماں، ایک بیوی اور معصوم بچے کر رہے تھے جن کا واحد سہارا ایک ہی شخص تھا۔ قاتل ہے، جو کہ قیمتی انسانی جان کا نقصان کر دیتا ہے، اور یہ جان اتنی قیمتی تھی جس کا انتظار گھر میں موجود ایک باپ، ایک ماں، ایک بیوی اور معصوم بچے کر رہے تھے جن کا واحد سہارا ایک ہی شخص تھا۔ قاتل ہے، جو کہ قیمتی انسانی جان کا نقصان کر دیتا ہے، اور یہ جان اتنی قیمتی تھی جس کا انتظار گھر میں موجود ایک باپ، ایک ماں، ایک بیوی اور معصوم بچے کر رہے تھے جن کا واحد سہارا ایک ہی شخص تھا۔ قاتل ہے، جو کہ قیمتی انسانی جان کا نقصان کر دیتا ہے،
قاتل ہے، جو کہ قیمتی انسانی جان کا نقصان کر دیتا ہے، اور یہ جان اتنی قیمتی تھی جس کا انتظار گھر میں موجود ایک باپ، ایک ماں، ایک بیوی اور معصوم بچے کر رہے تھے جن کا واحد سہارا ایک ہی شخص تھا۔ قاتل ہے، جو کہ قیمتی انسانی جان کا نقصان کر دیتا ہے، اور یہ جان اتنی قیمتی تھی جس کا انتظار گھر میں موجود ایک باپ، ایک ماں، ایک بیوی اور معصوم بچے کر رہے تھے جن کا واحد سہارا ایک ہی شخص تھا۔ قاتل ہے، جو کہ قیمتی انسانی جان کا نقصان کر دیتا ہے،
قاتل ہے، جو کہ قیمتی انسانی جان کا نقصان کر دیتا ہے، اور یہ جان اتنی قیمتی تھی جس کا انتظار گھر میں موجود ایک باپ، ایک ماں، ایک بیوی اور معصوم بچے کر رہے تھے جن کا واحد سہارا ایک ہی شخص تھا۔ قاتل ہے، جو کہ قیمتی انسانی جان کا نقصان کر دیتا ہے، اور یہ جان اتنی قیمتی تھی جس کا انتظار گھر میں موجود ایک باپ، ایک ماں، ایک بیوی اور معصوم بچے کر رہے تھے جن کا واحد سہارا ایک ہی شخص تھا۔ قاتل ہے، جو کہ قیمتی انسانی جان کا نقصان کر دیتا ہے، اور یہ جان اتنی قیمتی تھی جس کا انتظار گھر میں موجود ایک باپ، ایک
گہری بات
علی رضا رانا
Email: aliraza16865@gmail.com
facebook: aliraza rana
بسنت نے لاہوریوں کے دل جیت لیے، احتجاج کی کال ناکام
اجاگر کیا۔ الیکٹرانک اور سوشل میڈیا پر لاہور کی تہذیبی رنگت کو سراہا گیا، حتیٰ کہ وہ طبقے بھی جو ماضی میں اس تہوار کے ناقد تھے، اب اس کی بحالی کو خوش آئند قرار دے رہے ہیں۔ اجاگر کیا۔ الیکٹرانک اور سوشل میڈیا پر لاہور کی تہذیبی رنگت کو سراہا گیا، حتیٰ کہ وہ طبقے بھی جو ماضی میں اس تہوار کے ناقد تھے، اب اس کی بحالی کو خوش آئند قرار دے رہے ہیں۔ اجاگر کیا۔ الیکٹرانک اور سوشل میڈیا پر لاہور کی تہذیبی رنگت کو سراہا گیا، حتیٰ کہ وہ طبقے بھی جو ماضی میں اس تہوار کے ناقد تھے، اب اس کی بحالی کو خوش آئند قرار دے رہے ہیں۔ اجاگر کیا۔ الیکٹرانک اور سوشل میڈیا پر لاہور کی تہذیبی رنگت کو سراہا گیا، حتیٰ کہ وہ طبقے بھی جو ماضی میں اس تہوار کے ناقد تھے، اب اس کی بحالی کو خوش آئند قرار دے رہے ہیں۔ اجاگر کیا۔ الیکٹرانک اور سوشل میڈیا پر لاہور کی تہذیبی رنگت کو سراہا گیا، حتیٰ کہ وہ طبقے بھی جو ماضی میں اس تہوار کے ناقد تھے، اب اس کی بحالی کو خوش آئند قرار دے رہے ہیں۔ اجاگر کیا۔ الیکٹرانک اور سوشل میڈیا پر لاہور کی تہذیبی رنگت کو سراہا گیا، حتیٰ کہ وہ طبقے بھی جو ماضی میں اس تہوار کے ناقد تھے، اب اس کی بحالی کو خوش آئند قرار دے رہے ہیں۔ اجاگر کیا۔ الیکٹرانک اور سوشل میڈیا پر لاہور کی تہذیبی رنگت کو سراہا گیا، حتیٰ کہ وہ طبقے بھی جو ماضی میں اس تہوار کے ناقد تھے، اب اس کی بحالی کو خوش آئند قرار دے رہے ہیں۔ اجاگر کیا۔ الیکٹرانک اور سوشل میڈیا پر لاہور کی تہذیبی رنگت کو سراہا گیا، حتیٰ کہ وہ طبقے بھی جو ماضی میں اس تہوار کے ناقد تھے، اب اس کی بحالی کو خوش آئند قرار دے رہے ہیں۔ اجاگر کیا۔ الیکٹرانک اور سوشل میڈیا پر
اجاگر کیا۔ الیکٹرانک اور سوشل میڈیا پر لاہور کی تہذیبی رنگت کو سراہا گیا، حتیٰ کہ وہ طبقے بھی جو ماضی میں اس تہوار کے ناقد تھے، اب اس کی بحالی کو خوش آئند قرار دے رہے ہیں۔ اجاگر کیا۔ الیکٹرانک اور سوشل میڈیا پر لاہور کی تہذیبی رنگت کو سراہا گیا، حتیٰ کہ وہ طبقے بھی جو ماضی میں اس تہوار کے ناقد تھے، اب اس کی بحالی کو خوش آئند قرار دے رہے ہیں۔ اجاگر کیا۔ الیکٹرانک اور سوشل میڈیا پر لاہور کی تہذیبی رنگت کو سراہا گیا، حتیٰ کہ وہ طبقے بھی جو ماضی میں اس تہوار کے ناقد تھے، اب اس کی بحالی کو خوش آئند قرار دے رہے ہیں۔ اجاگر کیا۔ الیکٹرانک اور
اجاگر کیا۔ الیکٹرانک اور سوشل میڈیا پر لاہور کی تہذیبی رنگت کو سراہا گیا، حتیٰ کہ وہ طبقے بھی جو ماضی میں اس تہوار کے ناقد تھے، اب اس کی بحالی کو خوش آئند قرار دے رہے ہیں۔ اجاگر کیا۔ الیکٹرانک اور سوشل میڈیا پر لاہور کی تہذیبی رنگت کو سراہا گیا، حتیٰ کہ وہ طبقے بھی جو ماضی میں اس تہوار کے ناقد تھے، اب اس کی بحالی کو خوش آئند قرار دے رہے ہیں۔ اجاگر کیا۔ الیکٹرانک اور سوشل میڈیا پر لاہور کی تہذیبی رنگت کو سراہا گیا، حتیٰ کہ وہ طبقے بھی جو ماضی میں اس تہوار کے ناقد تھے، اب اس کی بحالی کو خوش آئند قرار دے رہے ہیں۔ اجاگر کیا۔ الیکٹرانک اور سوشل میڈیا پر لاہور کی تہذیبی رنگت کو سراہا گیا، حتیٰ کہ وہ طبقے بھی جو ماضی میں اس تہوار
کب تک؟
ایم۔ اے۔ تبسم
0300-4709102
Matabassum81@gmail.com
★ ★ ★
ان سوالوں کا جواب کون دے گا؟ کیا کسی ادارے نے یہ ذمہ داری قبول کی؟ کیا عوام کی جان کی کوئی قیمت ہے؟ یہ وہ سوالات ہیں جو ہر سال اٹھتے ہیں اور پھر خاموشی میں دب جاتے ہیں۔ ان سوالوں کا جواب کون دے گا؟ کیا کسی ادارے نے یہ ذمہ داری قبول کی؟ کیا عوام کی جان کی کوئی قیمت ہے؟ یہ وہ سوالات ہیں جو ہر سال اٹھتے ہیں اور پھر خاموشی میں دب جاتے ہیں۔ ان سوالوں کا جواب کون دے گا؟ کیا کسی ادارے نے یہ ذمہ داری قبول کی؟ کیا عوام کی جان کی کوئی قیمت ہے؟ یہ وہ سوالات ہیں جو ہر سال اٹھتے ہیں اور پھر خاموشی میں دب جاتے ہیں۔ ان سوالوں کا جواب کون دے گا؟ کیا کسی ادارے نے یہ ذمہ داری قبول کی؟ کیا عوام کی جان کی کوئی قیمت ہے؟ یہ وہ سوالات ہیں جو ہر سال اٹھتے ہیں اور پھر خاموشی میں دب جاتے ہیں۔ ان سوالوں کا جواب کون دے گا؟ کیا کسی ادارے نے یہ ذمہ داری قبول کی؟ کیا عوام کی جان کی کوئی قیمت ہے؟ یہ وہ سوالات ہیں جو ہر سال اٹھتے ہیں اور پھر خاموشی میں دب جاتے ہیں۔ ان سوالوں کا جواب کون دے گا؟ کیا کسی ادارے نے یہ ذمہ داری قبول کی؟ کیا عوام کی جان کی کوئی قیمت ہے؟ یہ وہ سوالات ہیں جو ہر سال اٹھتے ہیں اور پھر خاموشی میں دب جاتے ہیں۔ ان سوالوں کا جواب کون دے گا؟ کیا کسی ادارے نے یہ ذمہ داری قبول کی؟ کیا عوام کی جان کی کوئی قیمت ہے؟ یہ وہ سوالات ہیں جو ہر سال اٹھتے ہیں اور پھر خاموشی میں دب جاتے ہیں۔ ان سوالوں کا جواب کون دے گا؟ کیا کسی ادارے نے یہ ذمہ داری قبول کی؟ کیا عوام کی جان کی کوئی قیمت ہے؟ یہ وہ سوالات ہیں جو ہر سال اٹھتے ہیں اور پھر خاموشی میں دب جاتے ہیں۔ ان سوالوں کا جواب کون دے گا؟ کیا کسی ادارے نے یہ ذمہ داری قبول کی؟ کیا عوام کی جان کی کوئی قیمت ہے؟ یہ وہ سوالات ہیں جو ہر سال اٹھتے ہیں اور پھر خاموشی میں دب جاتے ہیں۔ ان سوالوں کا جواب کون دے گا؟ کیا کسی ادارے نے یہ ذمہ داری قبول کی؟ کیا عوام کی جان کی کوئی قیمت ہے؟ یہ وہ سوالات ہیں جو ہر سال اٹھتے ہیں اور پھر خاموشی میں دب جاتے ہیں۔
ان سوالوں کا جواب کون دے گا؟ کیا کسی ادارے نے یہ ذمہ داری قبول کی؟ کیا عوام کی جان کی کوئی قیمت ہے؟ یہ وہ سوالات ہیں جو ہر سال اٹھتے ہیں اور پھر خاموشی میں دب جاتے ہیں۔ ان سوالوں کا جواب کون دے گا؟ کیا کسی ادارے نے یہ ذمہ داری قبول کی؟ کیا عوام کی جان کی کوئی قیمت ہے؟ یہ وہ سوالات ہیں جو ہر سال اٹھتے ہیں اور پھر خاموشی میں دب جاتے ہیں۔ ان سوالوں کا جواب کون دے گا؟ کیا کسی ادارے نے یہ ذمہ داری قبول کی؟ کیا عوام کی جان کی کوئی قیمت ہے؟ یہ وہ سوالات ہیں جو ہر سال اٹھتے ہیں اور پھر خاموشی میں دب جاتے ہیں۔ ان سوالوں کا جواب کون دے گا؟ کیا کسی ادارے نے یہ ذمہ داری قبول کی؟ کیا عوام کی جان کی کوئی قیمت ہے؟ یہ وہ سوالات ہیں جو ہر سال اٹھتے ہیں اور پھر خاموشی میں دب جاتے ہیں۔ ان سوالوں کا جواب کون دے گا؟ کیا کسی ادارے نے یہ ذمہ داری قبول کی؟ کیا عوام کی جان کی کوئی قیمت ہے؟ یہ وہ سوالات ہیں جو ہر سال اٹھتے ہیں اور پھر خاموشی میں دب جاتے ہیں۔ ان سوالوں کا جواب کون دے گا؟ کیا کسی ادارے نے یہ ذمہ داری قبول کی؟ کیا عوام کی جان کی کوئی قیمت ہے؟ یہ وہ سوالات ہیں جو ہر سال اٹھتے ہیں اور پھر خاموشی میں دب جاتے ہیں۔ ان سوالوں کا جواب کون دے گا؟ کیا کسی ادارے نے یہ ذمہ داری قبول کی؟ کیا عوام کی جان کی کوئی قیمت ہے؟ یہ وہ سوالات ہیں جو ہر سال اٹھتے ہیں اور پھر خاموشی میں دب جاتے ہیں۔ ان سوالوں کا جواب کون دے گا؟ کیا کسی ادارے نے یہ ذمہ داری قبول کی؟ کیا عوام کی جان کی کوئی قیمت ہے؟ یہ وہ سوالات ہیں جو ہر سال اٹھتے ہیں اور پھر خاموشی میں دب جاتے ہیں۔ ان سوالوں کا جواب کون دے گا؟ کیا کسی ادارے نے یہ ذمہ داری قبول کی؟ کیا عوام کی جان کی کوئی قیمت ہے؟ یہ وہ سوالات ہیں جو ہر سال اٹھتے ہیں اور پھر خاموشی میں دب جاتے ہیں۔ ان سوالوں کا جواب کون دے گا؟ کیا کسی ادارے نے یہ ذمہ داری قبول کی؟ کیا عوام کی جان کی کوئی قیمت ہے؟ یہ وہ سوالات ہیں جو ہر سال اٹھتے ہیں اور پھر خاموشی میں دب جاتے ہیں۔
